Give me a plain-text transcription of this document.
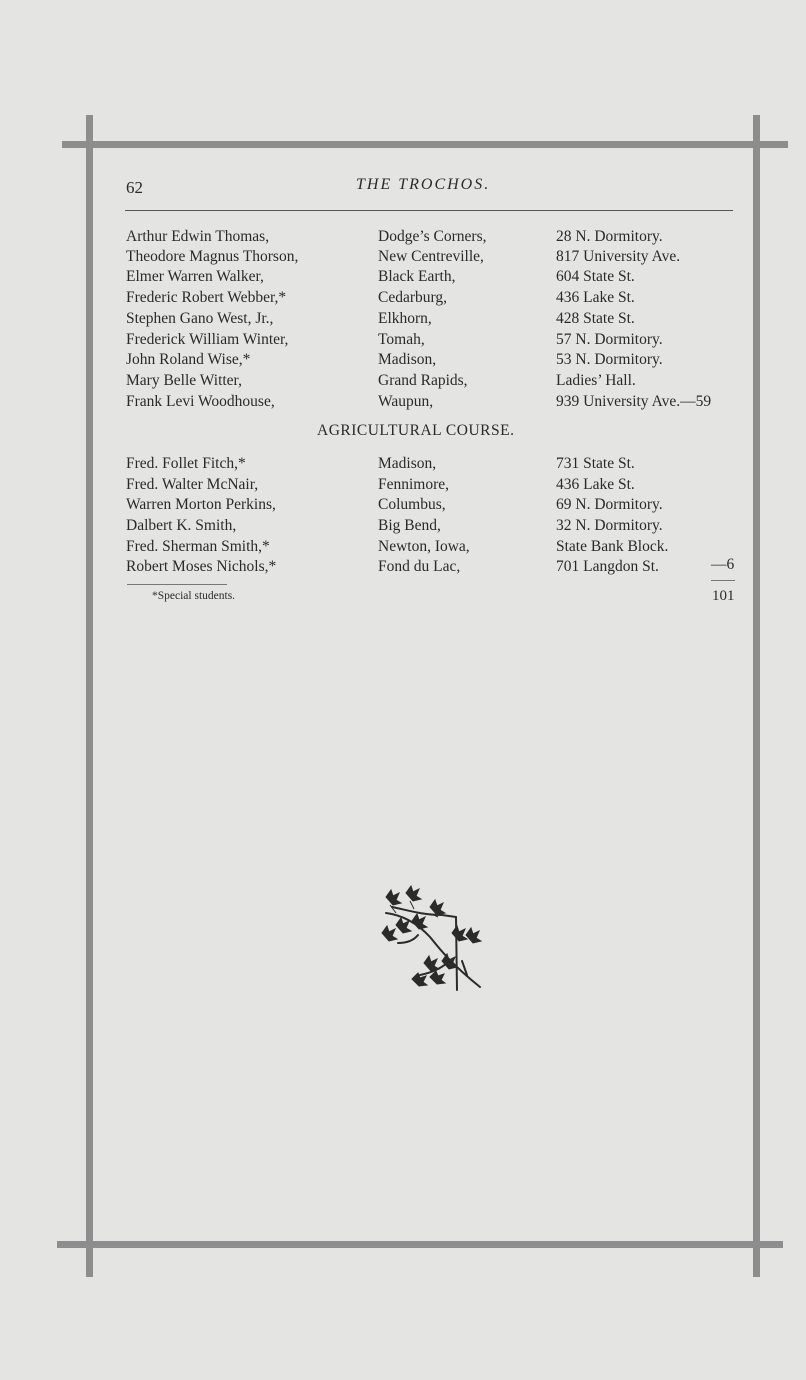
62	THE TROCHOS.
Arthur Edwin Thomas,	Dodge’s Corners,	28 N. Dormitory.
Theodore Magnus Thorson,	New Centreville,	817 University Ave.
Elmer Warren Walker,	Black Earth,	604 State St.
Frederic Robert Webber,*	Cedarburg,	436 Lake St.
Stephen Gano West, Jr.,	Elkhorn,	428 State St.
Frederick William Winter,	Tomah,	57 N. Dormitory.
John Roland Wise,*	Madison,	53 N. Dormitory.
Mary Belle Witter,	Grand Rapids,	Ladies’ Hall.
Frank Levi Woodhouse,	Waupun,	939 University Ave.—59
AGRICULTURAL COURSE.
Fred. Follet Fitch,*	Madison,	731 State St.
Fred. Walter McNair,	Fennimore,	436 Lake St.
Warren Morton Perkins,	Columbus,	69 N. Dormitory.
Dalbert K. Smith,	Big Bend,	32 N. Dormitory.
Fred. Sherman Smith,*	Newton, Iowa,	State Bank Block.
Robert Moses Nichols,*	Fond du Lac,	701 Langdon St.	—6
101
*Special students.
